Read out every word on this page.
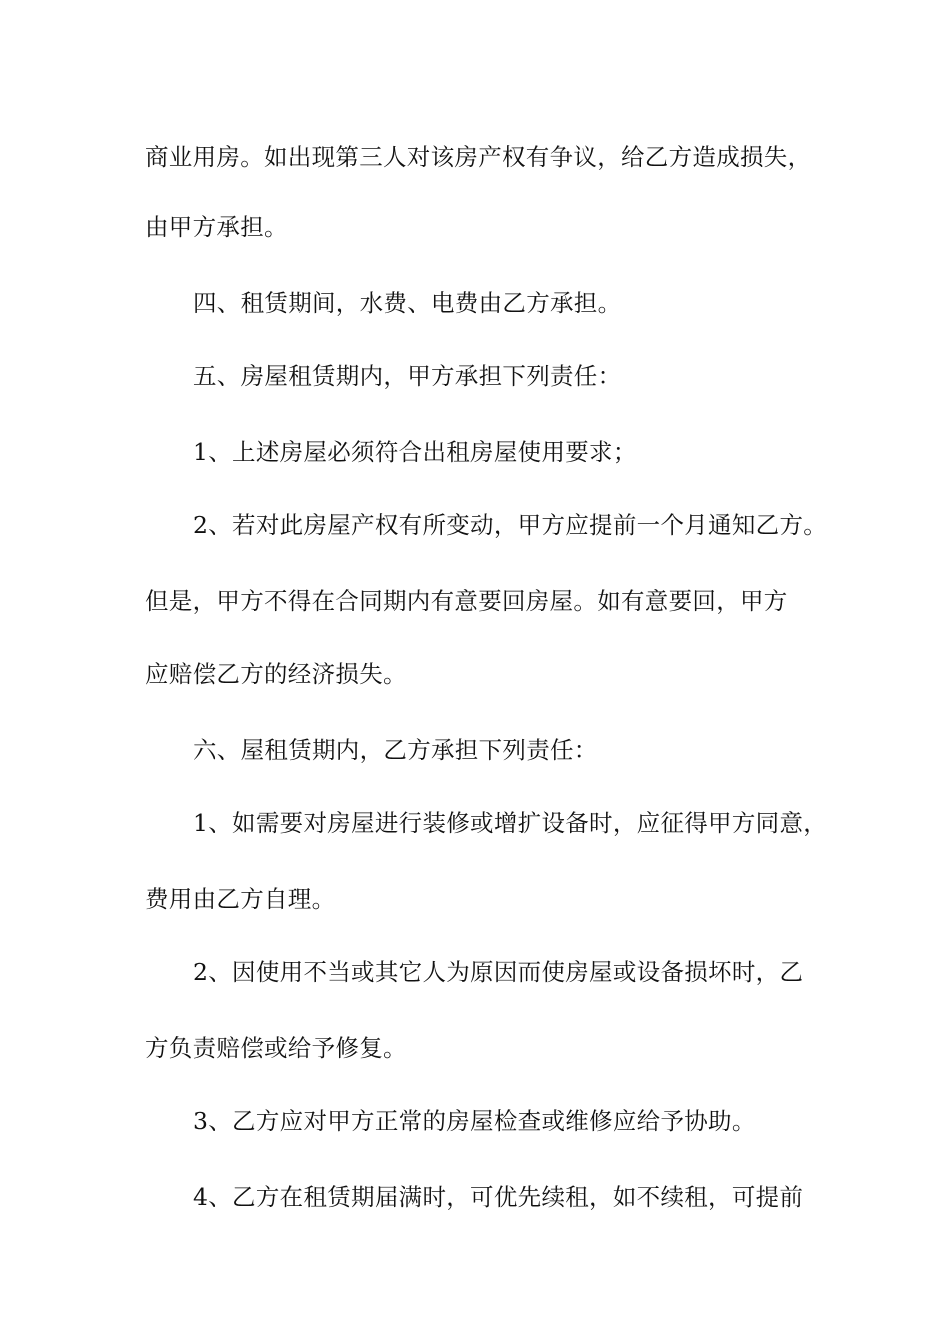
商业用房。如出现第三人对该房产权有争议，给乙方造成损失，
由甲方承担。
四、租赁期间，水费、电费由乙方承担。
五、房屋租赁期内，甲方承担下列责任：
1、上述房屋必须符合出租房屋使用要求；
2、若对此房屋产权有所变动，甲方应提前一个月通知乙方。
但是，甲方不得在合同期内有意要回房屋。如有意要回，甲方
应赔偿乙方的经济损失。
六、屋租赁期内，乙方承担下列责任：
1、如需要对房屋进行装修或增扩设备时，应征得甲方同意，
费用由乙方自理。
2、因使用不当或其它人为原因而使房屋或设备损坏时，乙
方负责赔偿或给予修复。
3、乙方应对甲方正常的房屋检查或维修应给予协助。
4、乙方在租赁期届满时，可优先续租，如不续租，可提前
